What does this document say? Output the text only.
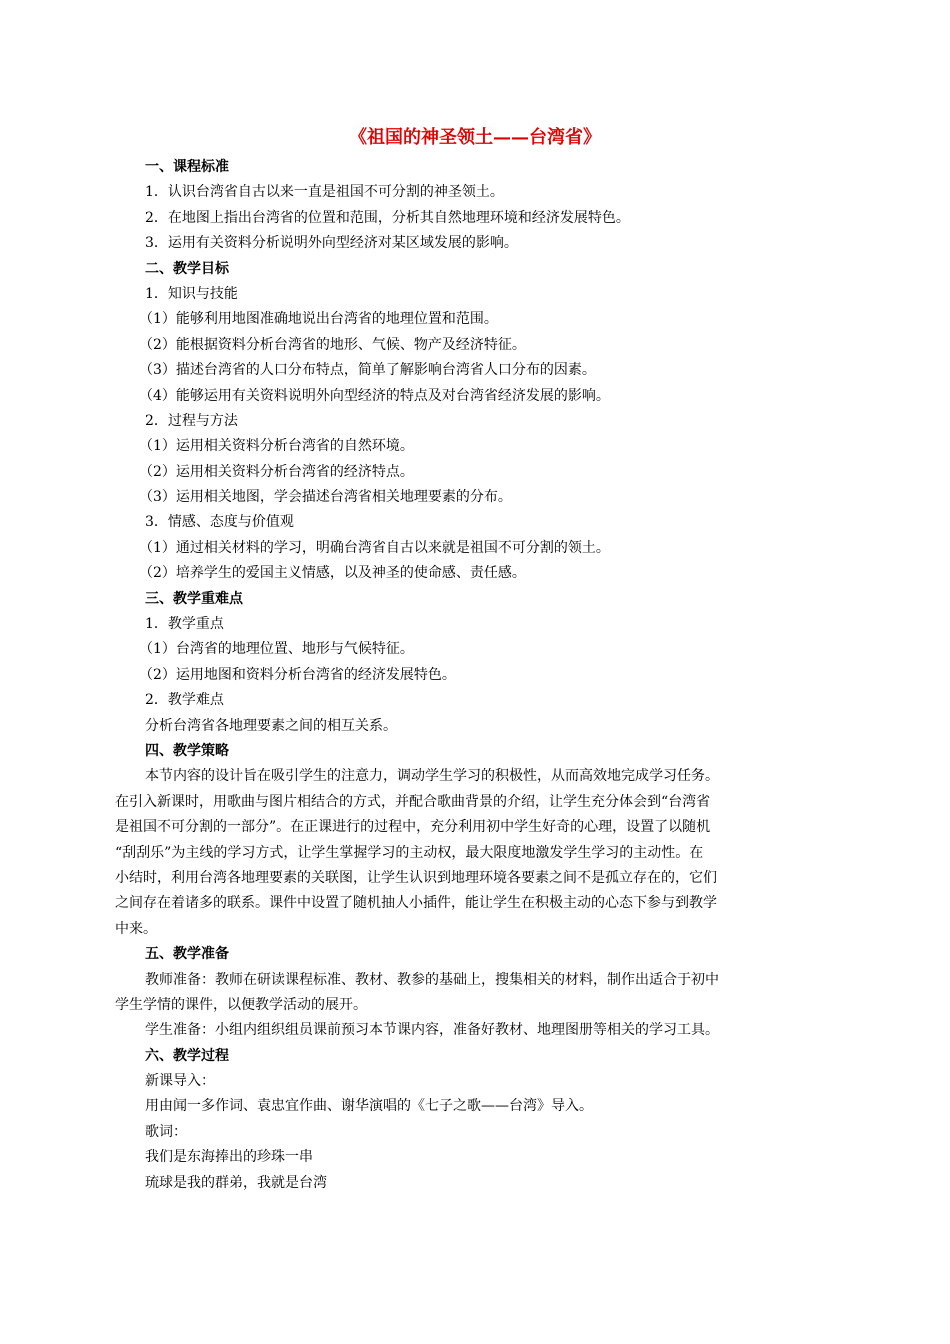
《祖国的神圣领土——台湾省》
一、课程标准
1．认识台湾省自古以来一直是祖国不可分割的神圣领土。
2．在地图上指出台湾省的位置和范围，分析其自然地理环境和经济发展特色。
3．运用有关资料分析说明外向型经济对某区域发展的影响。
二、教学目标
1．知识与技能
（1）能够利用地图准确地说出台湾省的地理位置和范围。
（2）能根据资料分析台湾省的地形、气候、物产及经济特征。
（3）描述台湾省的人口分布特点，简单了解影响台湾省人口分布的因素。
（4）能够运用有关资料说明外向型经济的特点及对台湾省经济发展的影响。
2．过程与方法
（1）运用相关资料分析台湾省的自然环境。
（2）运用相关资料分析台湾省的经济特点。
（3）运用相关地图，学会描述台湾省相关地理要素的分布。
3．情感、态度与价值观
（1）通过相关材料的学习，明确台湾省自古以来就是祖国不可分割的领土。
（2）培养学生的爱国主义情感，以及神圣的使命感、责任感。
三、教学重难点
1．教学重点
（1）台湾省的地理位置、地形与气候特征。
（2）运用地图和资料分析台湾省的经济发展特色。
2．教学难点
分析台湾省各地理要素之间的相互关系。
四、教学策略
本节内容的设计旨在吸引学生的注意力，调动学生学习的积极性，从而高效地完成学习任务。
在引入新课时，用歌曲与图片相结合的方式，并配合歌曲背景的介绍，让学生充分体会到“台湾省
是祖国不可分割的一部分”。在正课进行的过程中，充分利用初中学生好奇的心理，设置了以随机
“刮刮乐”为主线的学习方式，让学生掌握学习的主动权，最大限度地激发学生学习的主动性。在
小结时，利用台湾各地理要素的关联图，让学生认识到地理环境各要素之间不是孤立存在的，它们
之间存在着诸多的联系。课件中设置了随机抽人小插件，能让学生在积极主动的心态下参与到教学
中来。
五、教学准备
教师准备：教师在研读课程标准、教材、教参的基础上，搜集相关的材料，制作出适合于初中
学生学情的课件，以便教学活动的展开。
学生准备：小组内组织组员课前预习本节课内容，准备好教材、地理图册等相关的学习工具。
六、教学过程
新课导入：
用由闻一多作词、袁忠宜作曲、谢华演唱的《七子之歌——台湾》导入。
歌词：
我们是东海捧出的珍珠一串
琉球是我的群弟，我就是台湾
